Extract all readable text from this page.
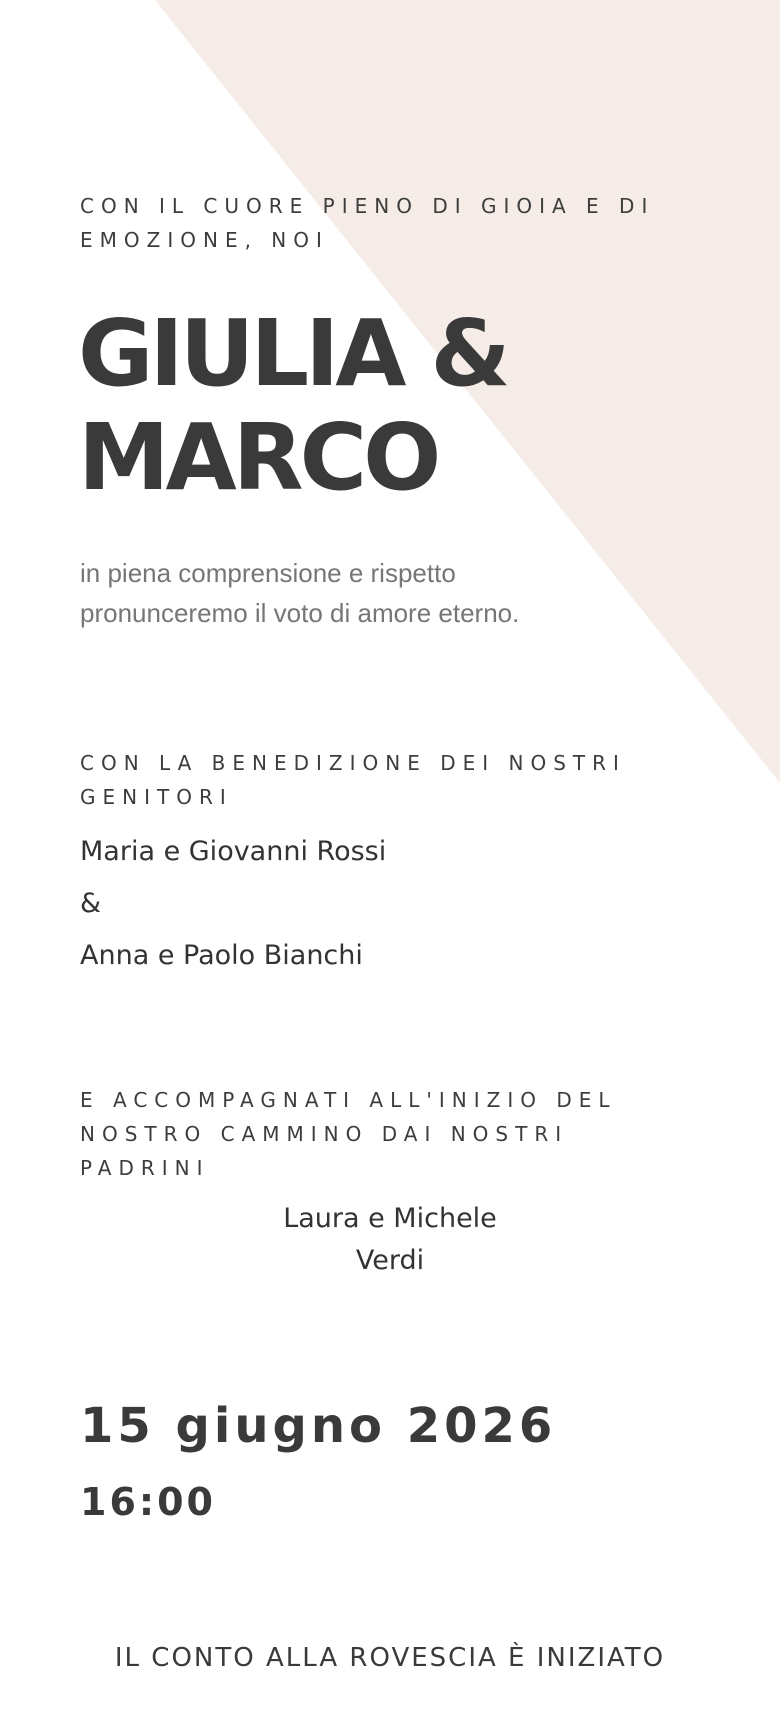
CON IL CUORE PIENO DI GIOIA E DI EMOZIONE, NOI

GIULIA &
MARCO

in piena comprensione e rispetto
pronunceremo il voto di amore eterno.

CON LA BENEDIZIONE DEI NOSTRI GENITORI

Maria e Giovanni Rossi
&
Anna e Paolo Bianchi

E ACCOMPAGNATI ALL'INIZIO DEL NOSTRO CAMMINO DAI NOSTRI PADRINI

Laura e Michele
Verdi

15 giugno 2026

16:00

IL CONTO ALLA ROVESCIA È INIZIATO
